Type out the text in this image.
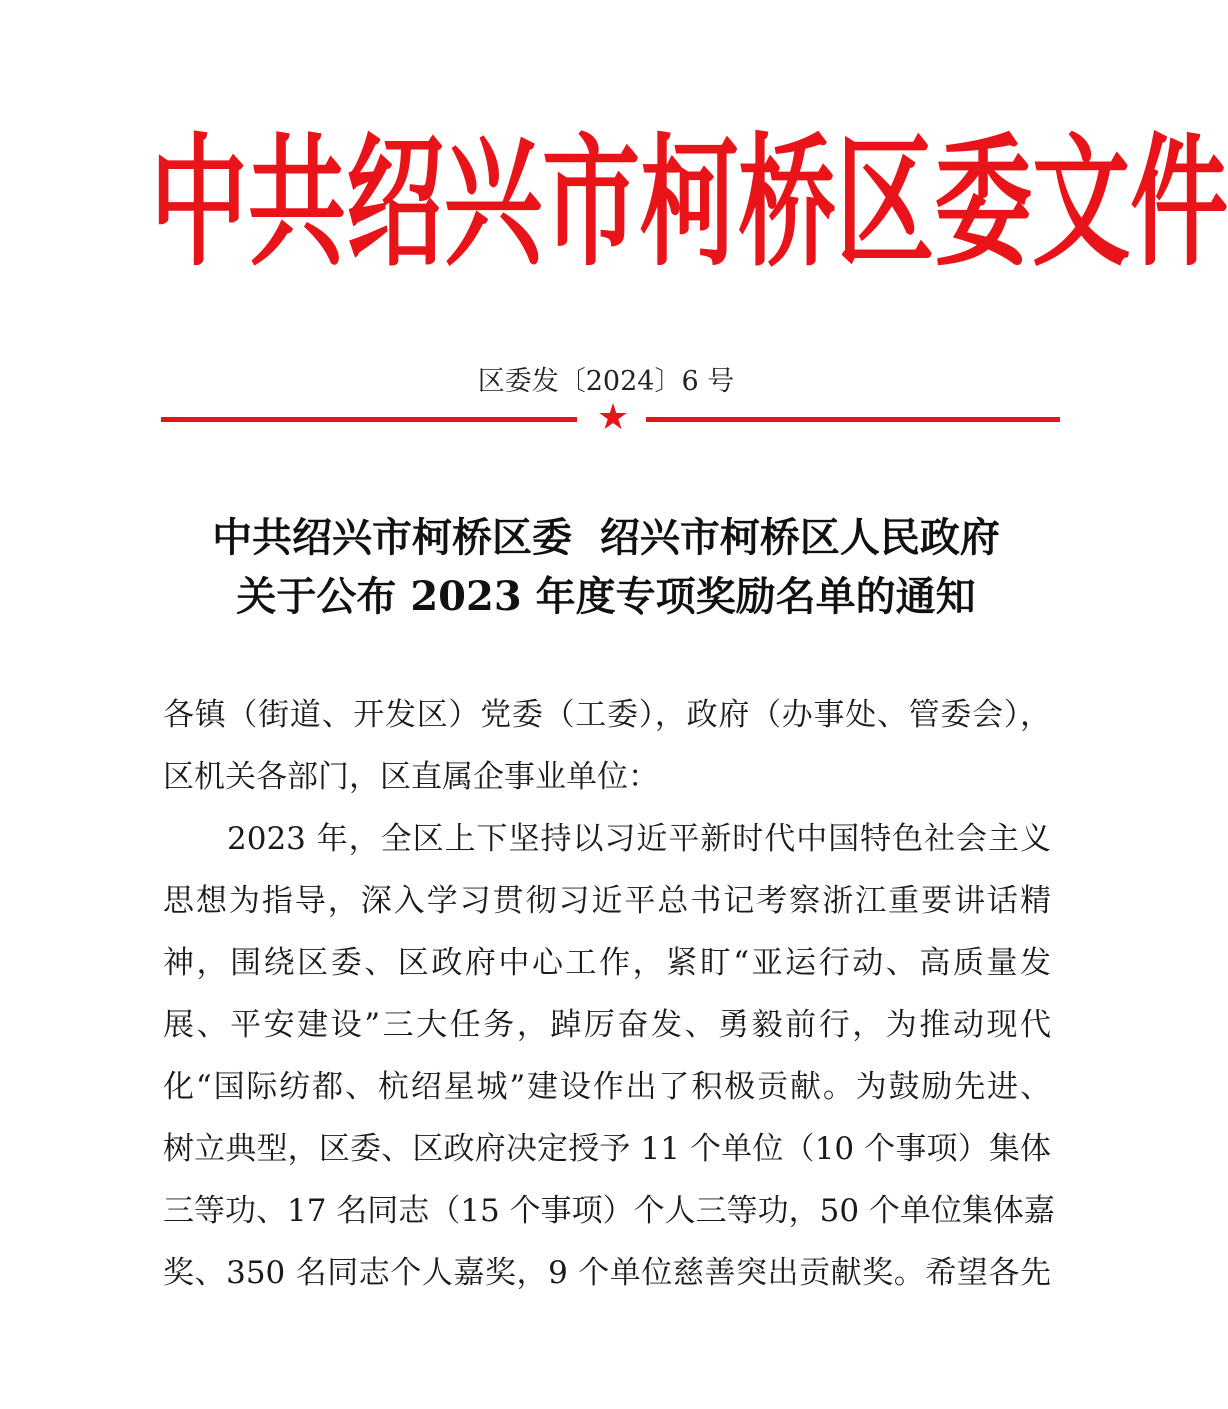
中 共 绍 兴 市 柯 桥 区 委 文 件
区委发〔2024〕6 号
★
中共绍兴市柯桥区委  绍兴市柯桥区人民政府
关于公布 2023 年度专项奖励名单的通知
各镇（街道、开发区）党委（工委），政府（办事处、管委会），
区机关各部门，区直属企事业单位：
2023 年，全区上下坚持以习近平新时代中国特色社会主义
思想为指导，深入学习贯彻习近平总书记考察浙江重要讲话精
神，围绕区委、区政府中心工作，紧盯“亚运行动、高质量发
展、平安建设”三大任务，踔厉奋发、勇毅前行，为推动现代
化“国际纺都、杭绍星城”建设作出了积极贡献。为鼓励先进、
树立典型，区委、区政府决定授予 11 个单位（10 个事项）集体
三等功、17 名同志（15 个事项）个人三等功，50 个单位集体嘉
奖、350 名同志个人嘉奖，9 个单位慈善突出贡献奖。希望各先
